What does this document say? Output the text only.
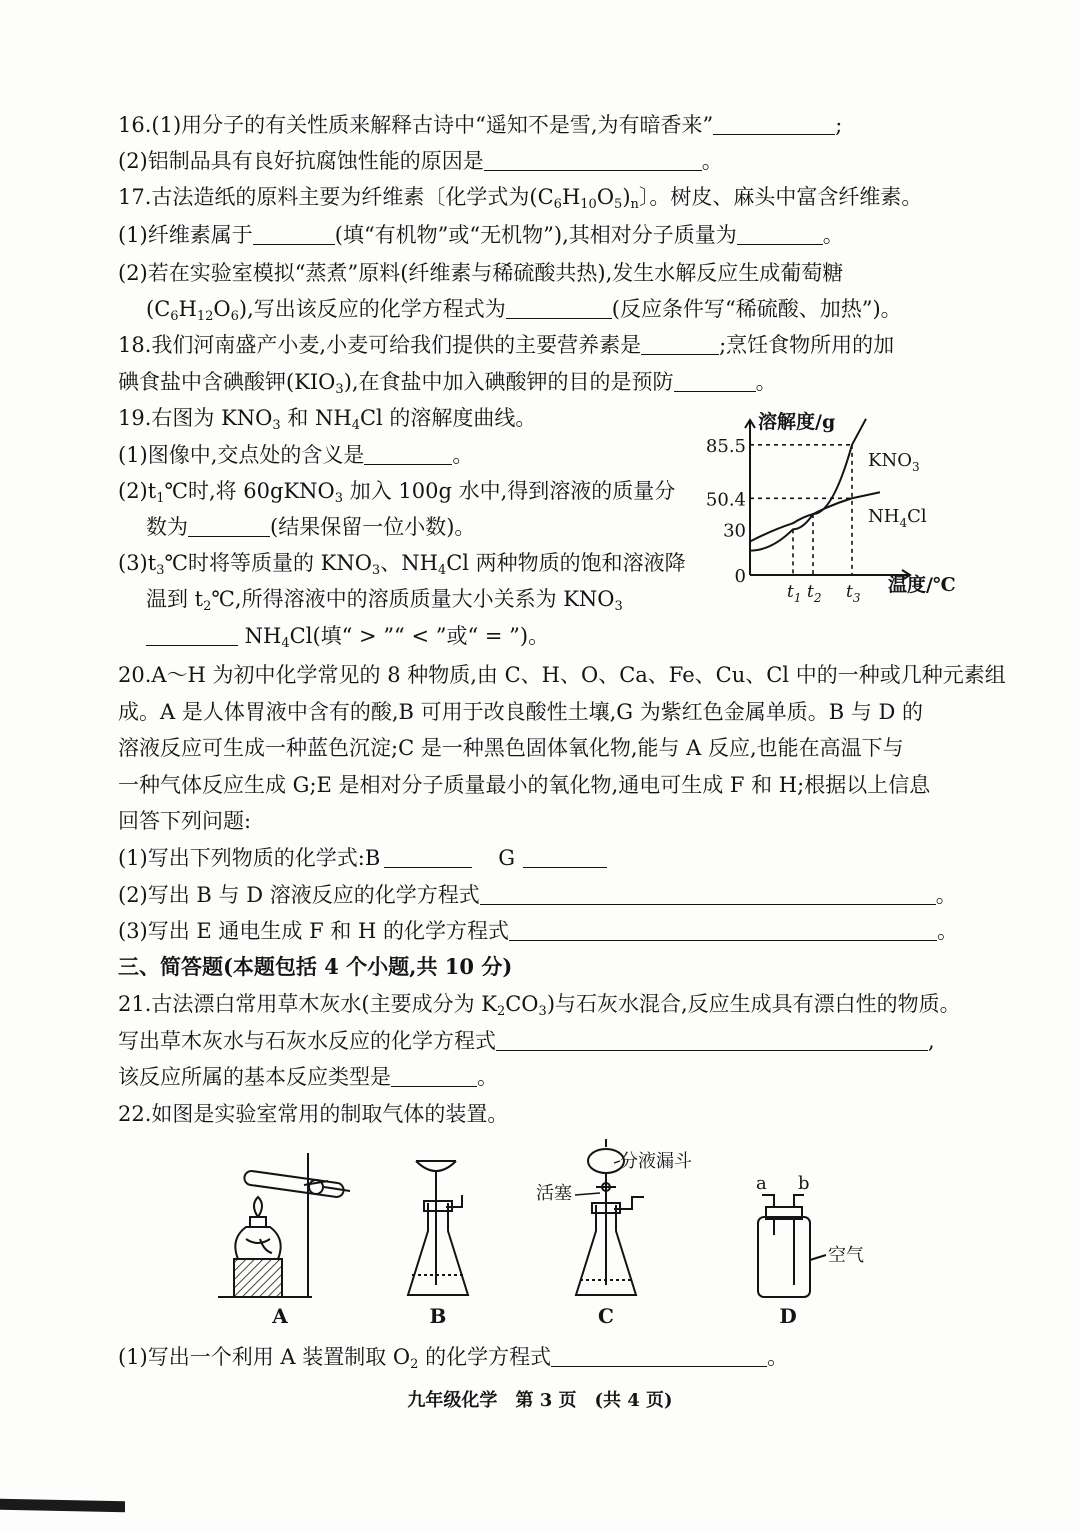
16.(1)用分子的有关性质来解释古诗中“遥知不是雪,为有暗香来”	;
(2)铝制品具有良好抗腐蚀性能的原因是	。
17.古法造纸的原料主要为纤维素〔化学式为$(C_6H_{10}O_5)_n$〕。树皮、麻头中富含纤维素。
(1)纤维素属于	(填“有机物”或“无机物”),其相对分子质量为	。
(2)若在实验室模拟“蒸煮”原料(纤维素与稀硫酸共热),发生水解反应生成葡萄糖
$(C_6H_{12}O_6)$,写出该反应的化学方程式为	(反应条件写“稀硫酸、加热”)。
18.我们河南盛产小麦,小麦可给我们提供的主要营养素是	;烹饪食物所用的加
碘食盐中含碘酸钾$(KIO_3)$,在食盐中加入碘酸钾的目的是预防	。
19.右图为 $KNO_3$ 和 $NH_4Cl$ 的溶解度曲线。
(1)图像中,交点处的含义是	。
$(2)t_1℃$时,将 60gKNO$_3$ 加入 100g 水中,得到溶液的质量分
数为	(结果保留一位小数)。
$(3)t_3℃$时将等质量的 $KNO_3$、$NH_4Cl$ 两种物质的饱和溶液降
温到 $t_2℃$,所得溶液中的溶质质量大小关系为 $KNO_3$
$NH_4Cl$(填“ > ”“ < ”或“ = ”)。
溶解度/g
温度/℃
85.5
50.4
30
0
$t_1$ $t_2$ $t_3$
$KNO_3$
$NH_4Cl$
20.A～H 为初中化学常见的 8 种物质,由 C、H、O、Ca、Fe、Cu、Cl 中的一种或几种元素组
成。A 是人体胃液中含有的酸,B 可用于改良酸性土壤,G 为紫红色金属单质。B 与 D 的
溶液反应可生成一种蓝色沉淀;C 是一种黑色固体氧化物,能与 A 反应,也能在高温下与
一种气体反应生成 G;E 是相对分子质量最小的氧化物,通电可生成 F 和 H;根据以上信息
回答下列问题:
(1)写出下列物质的化学式:B	G
(2)写出 B 与 D 溶液反应的化学方程式	。
(3)写出 E 通电生成 F 和 H 的化学方程式	。
三、简答题(本题包括 4 个小题,共 10 分)
21.古法漂白常用草木灰水(主要成分为 $K_2CO_3$)与石灰水混合,反应生成具有漂白性的物质。
写出草木灰水与石灰水反应的化学方程式	,
该反应所属的基本反应类型是	。
22.如图是实验室常用的制取气体的装置。
A	B	C	D
活塞
分液漏斗
a b
空气
(1)写出一个利用 A 装置制取 $O_2$ 的化学方程式	。
九年级化学　第 3 页　(共 4 页)
